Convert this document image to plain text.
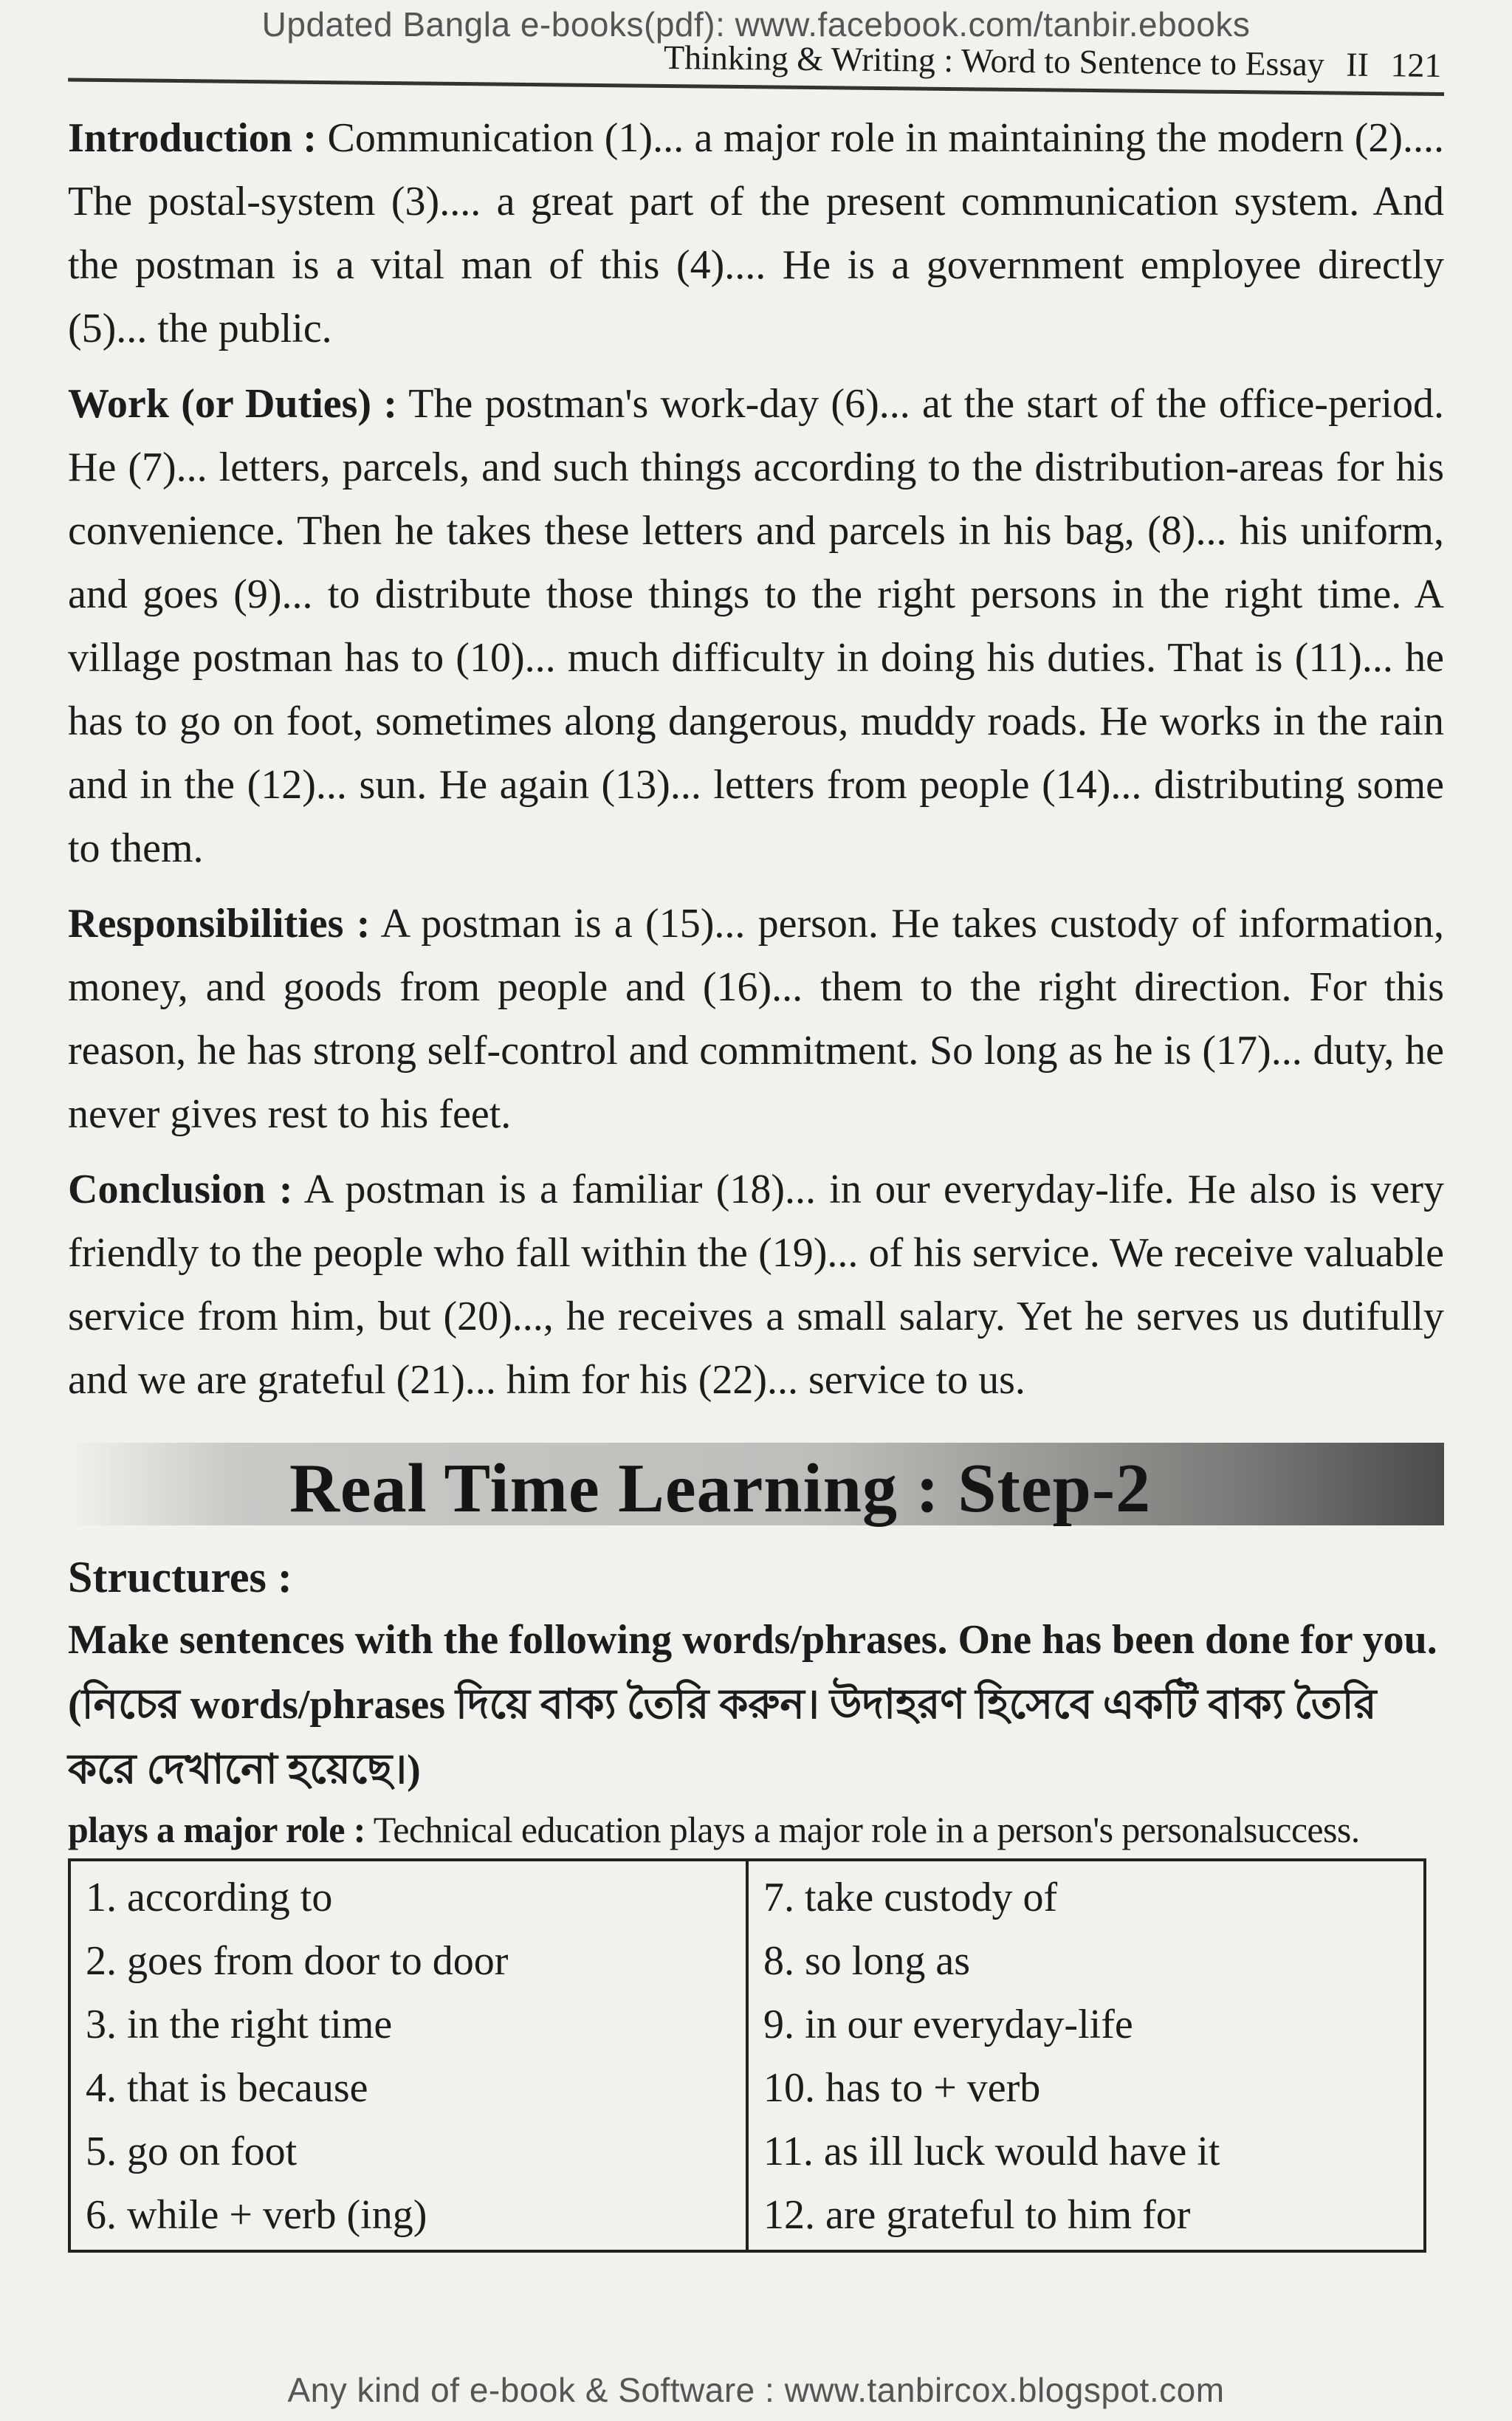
Updated Bangla e-books(pdf): www.facebook.com/tanbir.ebooks
Thinking & Writing : Word to Sentence to Essay II 121

Introduction : Communication (1)... a major role in maintaining the modern (2).... The postal-system (3).... a great part of the present communication system. And the postman is a vital man of this (4).... He is a government employee directly (5)... the public.

Work (or Duties) : The postman's work-day (6)... at the start of the office-period. He (7)... letters, parcels, and such things according to the distribution-areas for his convenience. Then he takes these letters and parcels in his bag, (8)... his uniform, and goes (9)... to distribute those things to the right persons in the right time. A village postman has to (10)... much difficulty in doing his duties. That is (11)... he has to go on foot, sometimes along dangerous, muddy roads. He works in the rain and in the (12)... sun. He again (13)... letters from people (14)... distributing some to them.

Responsibilities : A postman is a (15)... person. He takes custody of information, money, and goods from people and (16)... them to the right direction. For this reason, he has strong self-control and commitment. So long as he is (17)... duty, he never gives rest to his feet.

Conclusion : A postman is a familiar (18)... in our everyday-life. He also is very friendly to the people who fall within the (19)... of his service. We receive valuable service from him, but (20)..., he receives a small salary. Yet he serves us dutifully and we are grateful (21)... him for his (22)... service to us.

Real Time Learning : Step-2
Structures :

Make sentences with the following words/phrases. One has been done for you. (নিচের words/phrases দিয়ে বাক্য তৈরি করুন। উদাহরণ হিসেবে একটি বাক্য তৈরি করে দেখানো হয়েছে।)

plays a major role : Technical education plays a major role in a person's personalsuccess.
1. according to
2. goes from door to door
3. in the right time
4. that is because
5. go on foot
6. while + verb (ing)

7. take custody of
8. so long as
9. in our everyday-life
10. has to + verb
11. as ill luck would have it
12. are grateful to him for
Any kind of e-book & Software : www.tanbircox.blogspot.com
